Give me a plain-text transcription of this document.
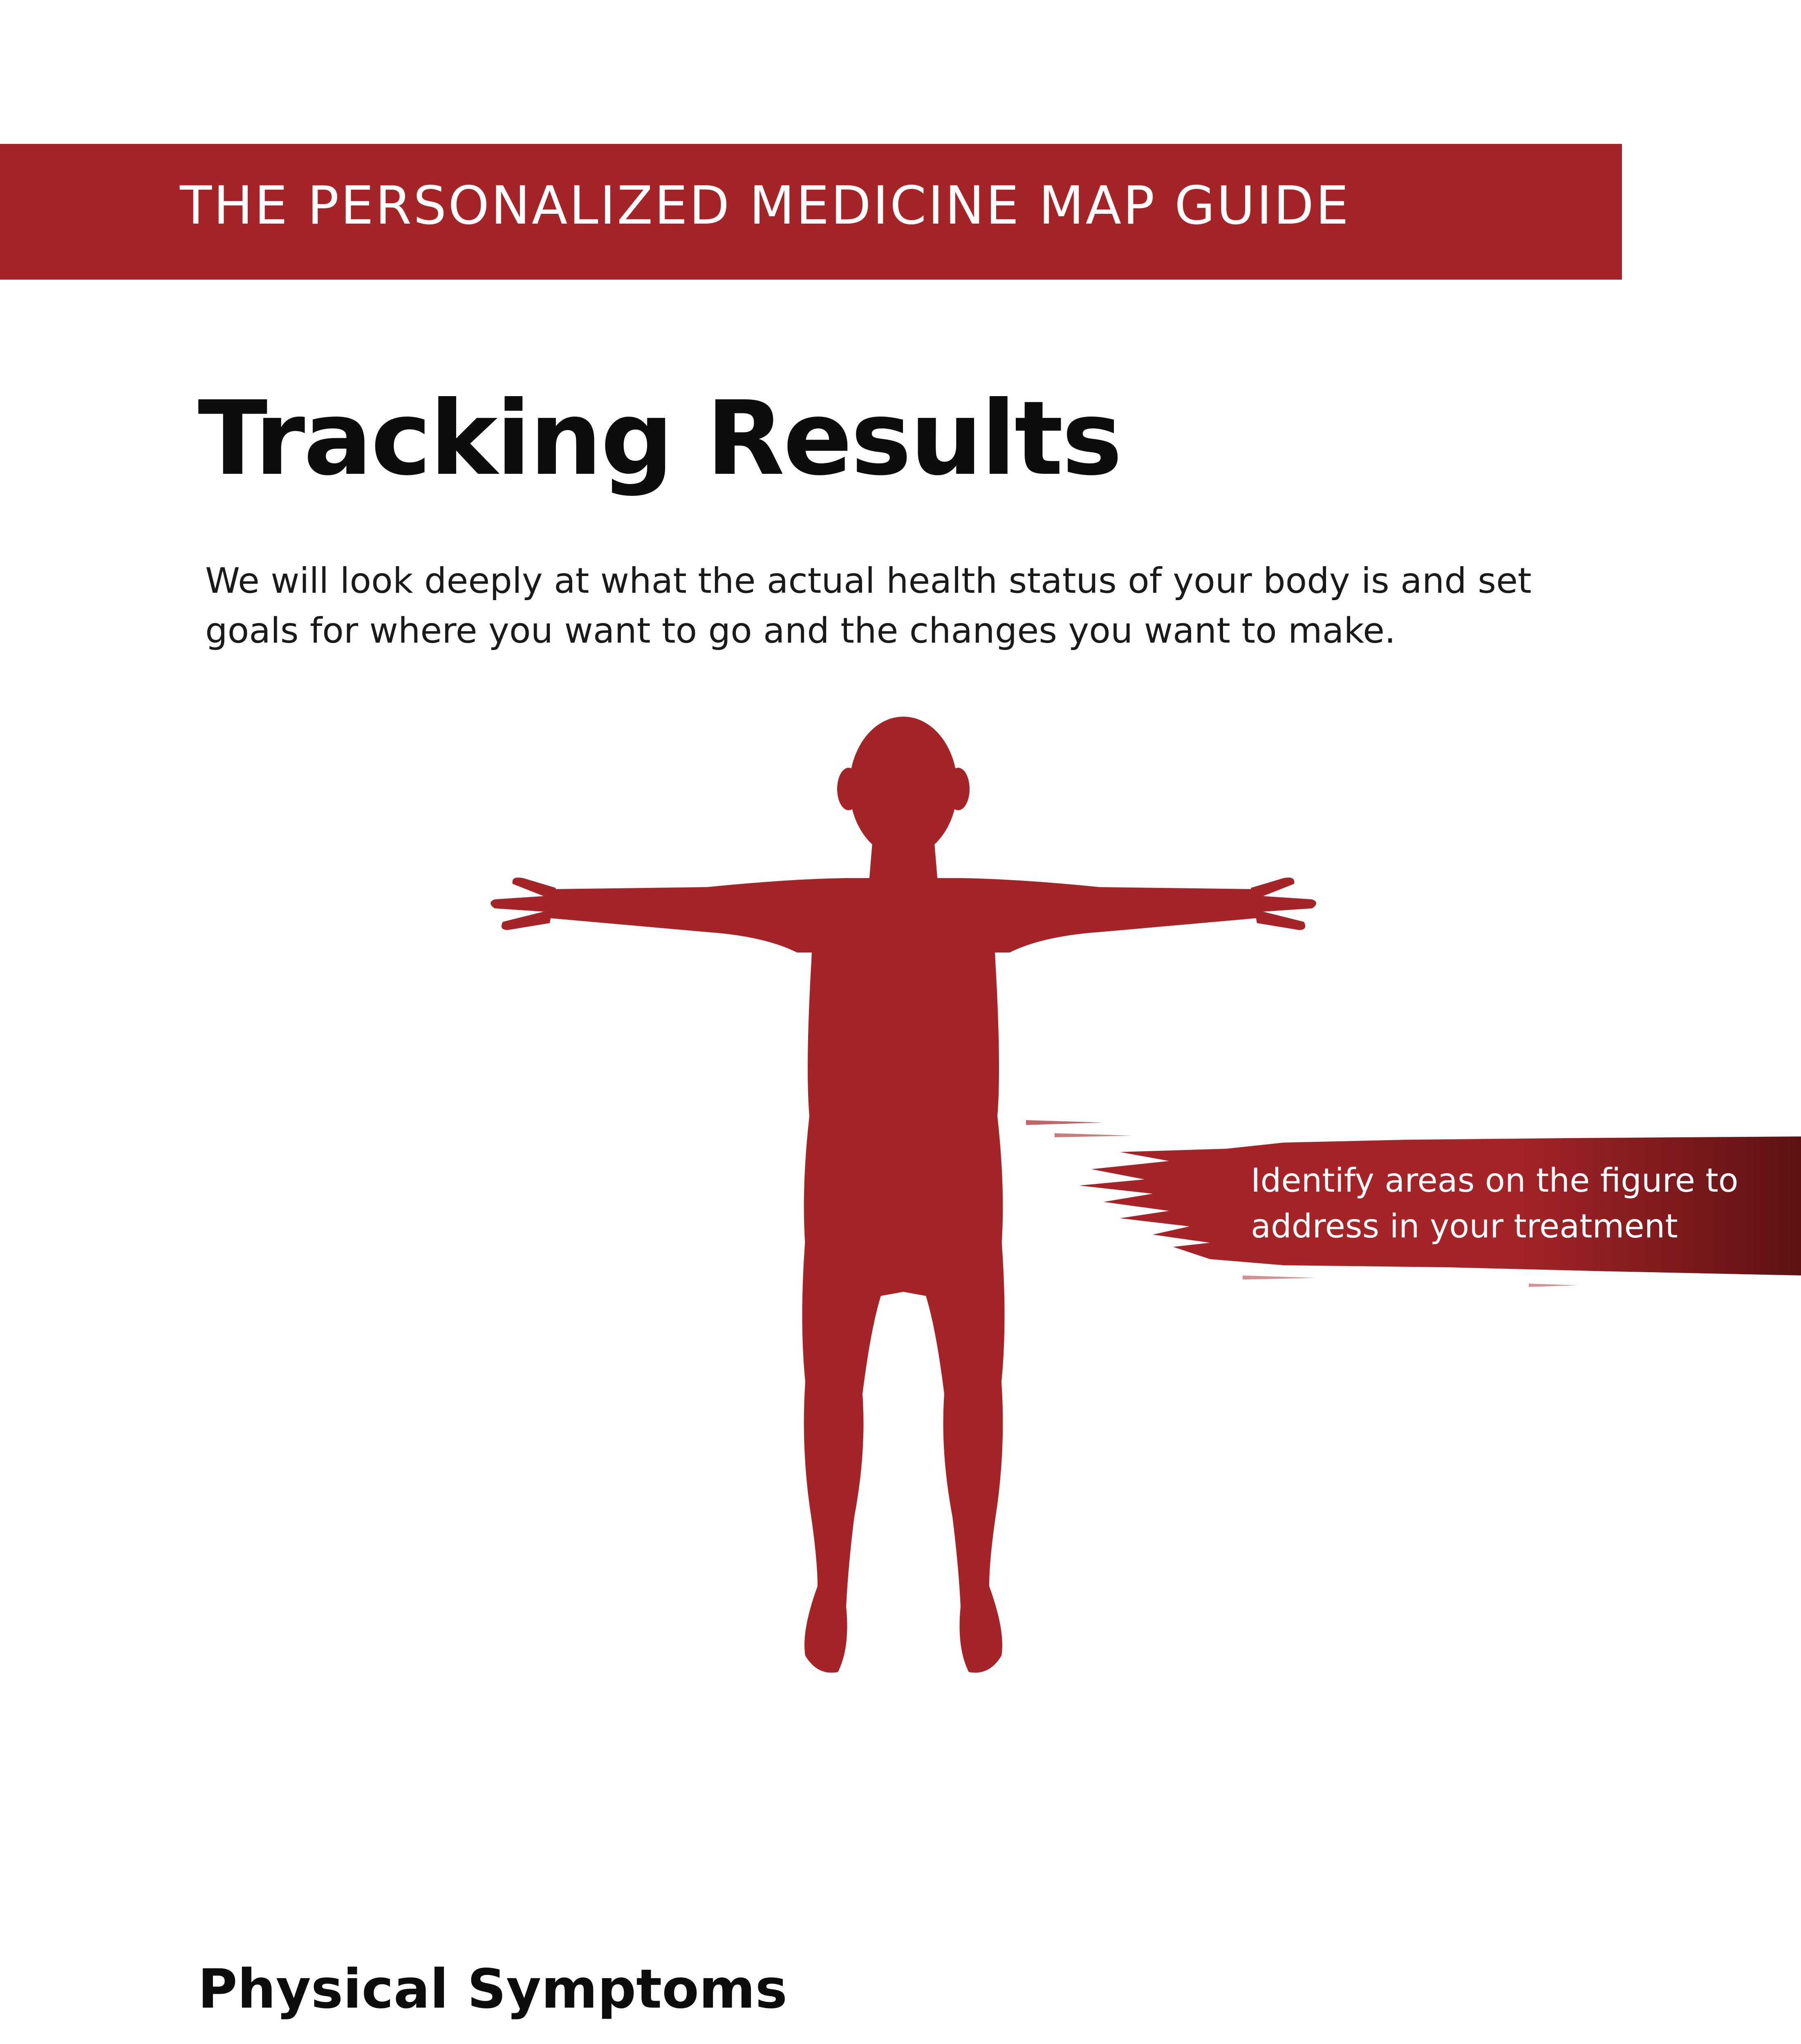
THE PERSONALIZED MEDICINE MAP GUIDE
Tracking Results
We will look deeply at what the actual health status of your body is and set goals for where you want to go and the changes you want to make.
Identify areas on the figure to
address in your treatment
Physical Symptoms
